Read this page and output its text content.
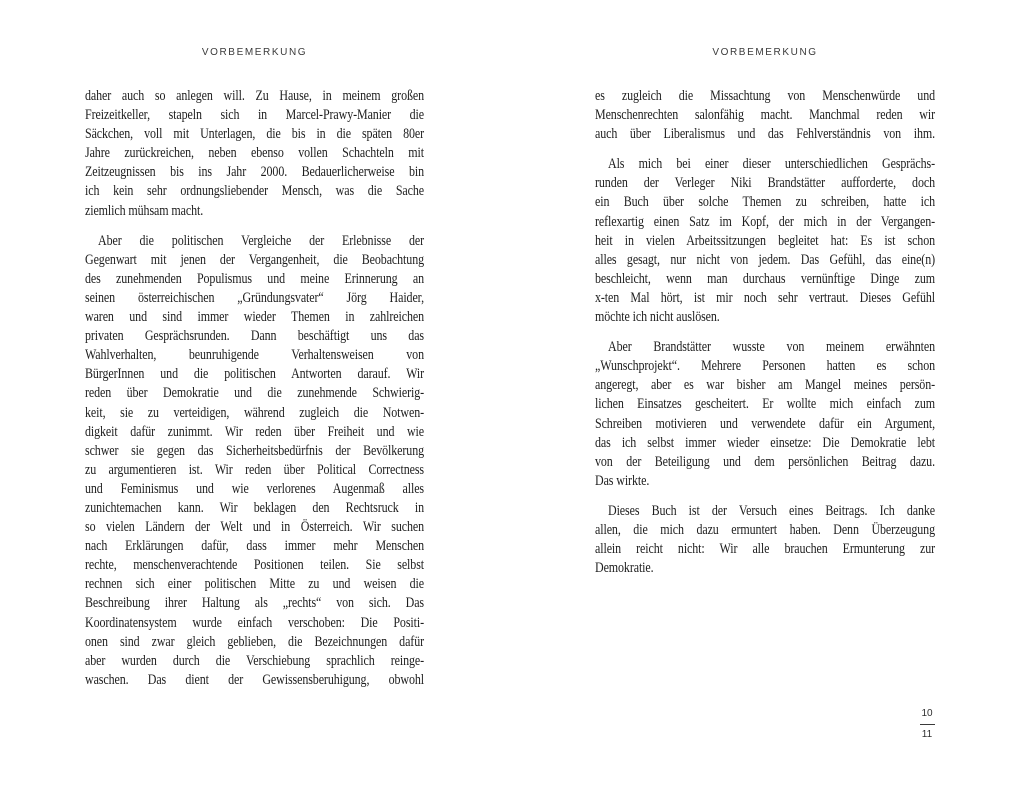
VORBEMERKUNG
daher auch so anlegen will. Zu Hause, in meinem großen
Freizeitkeller, stapeln sich in Marcel-Prawy-Manier die
Säckchen, voll mit Unterlagen, die bis in die späten 80er
Jahre zurückreichen, neben ebenso vollen Schachteln mit
Zeitzeugnissen bis ins Jahr 2000. Bedauerlicherweise bin
ich kein sehr ordnungsliebender Mensch, was die Sache
ziemlich mühsam macht.
Aber die politischen Vergleiche der Erlebnisse der
Gegenwart mit jenen der Vergangenheit, die Beobachtung
des zunehmenden Populismus und meine Erinnerung an
seinen österreichischen „Gründungsvater“ Jörg Haider,
waren und sind immer wieder Themen in zahlreichen
privaten Gesprächsrunden. Dann beschäftigt uns das
Wahlverhalten, beunruhigende Verhaltensweisen von
BürgerInnen und die politischen Antworten darauf. Wir
reden über Demokratie und die zunehmende Schwierig-
keit, sie zu verteidigen, während zugleich die Notwen-
digkeit dafür zunimmt. Wir reden über Freiheit und wie
schwer sie gegen das Sicherheitsbedürfnis der Bevölkerung
zu argumentieren ist. Wir reden über Political Correctness
und Feminismus und wie verlorenes Augenmaß alles
zunichtemachen kann. Wir beklagen den Rechtsruck in
so vielen Ländern der Welt und in Österreich. Wir suchen
nach Erklärungen dafür, dass immer mehr Menschen
rechte, menschenverachtende Positionen teilen. Sie selbst
rechnen sich einer politischen Mitte zu und weisen die
Beschreibung ihrer Haltung als „rechts“ von sich. Das
Koordinatensystem wurde einfach verschoben: Die Positi-
onen sind zwar gleich geblieben, die Bezeichnungen dafür
aber wurden durch die Verschiebung sprachlich reinge-
waschen. Das dient der Gewissensberuhigung, obwohl
VORBEMERKUNG
es zugleich die Missachtung von Menschenwürde und
Menschenrechten salonfähig macht. Manchmal reden wir
auch über Liberalismus und das Fehlverständnis von ihm.
Als mich bei einer dieser unterschiedlichen Gesprächs-
runden der Verleger Niki Brandstätter aufforderte, doch
ein Buch über solche Themen zu schreiben, hatte ich
reflexartig einen Satz im Kopf, der mich in der Vergangen-
heit in vielen Arbeitssitzungen begleitet hat: Es ist schon
alles gesagt, nur nicht von jedem. Das Gefühl, das eine(n)
beschleicht, wenn man durchaus vernünftige Dinge zum
x-ten Mal hört, ist mir noch sehr vertraut. Dieses Gefühl
möchte ich nicht auslösen.
Aber Brandstätter wusste von meinem erwähnten
„Wunschprojekt“. Mehrere Personen hatten es schon
angeregt, aber es war bisher am Mangel meines persön-
lichen Einsatzes gescheitert. Er wollte mich einfach zum
Schreiben motivieren und verwendete dafür ein Argument,
das ich selbst immer wieder einsetze: Die Demokratie lebt
von der Beteiligung und dem persönlichen Beitrag dazu.
Das wirkte.
Dieses Buch ist der Versuch eines Beitrags. Ich danke
allen, die mich dazu ermuntert haben. Denn Überzeugung
allein reicht nicht: Wir alle brauchen Ermunterung zur
Demokratie.
10
11
